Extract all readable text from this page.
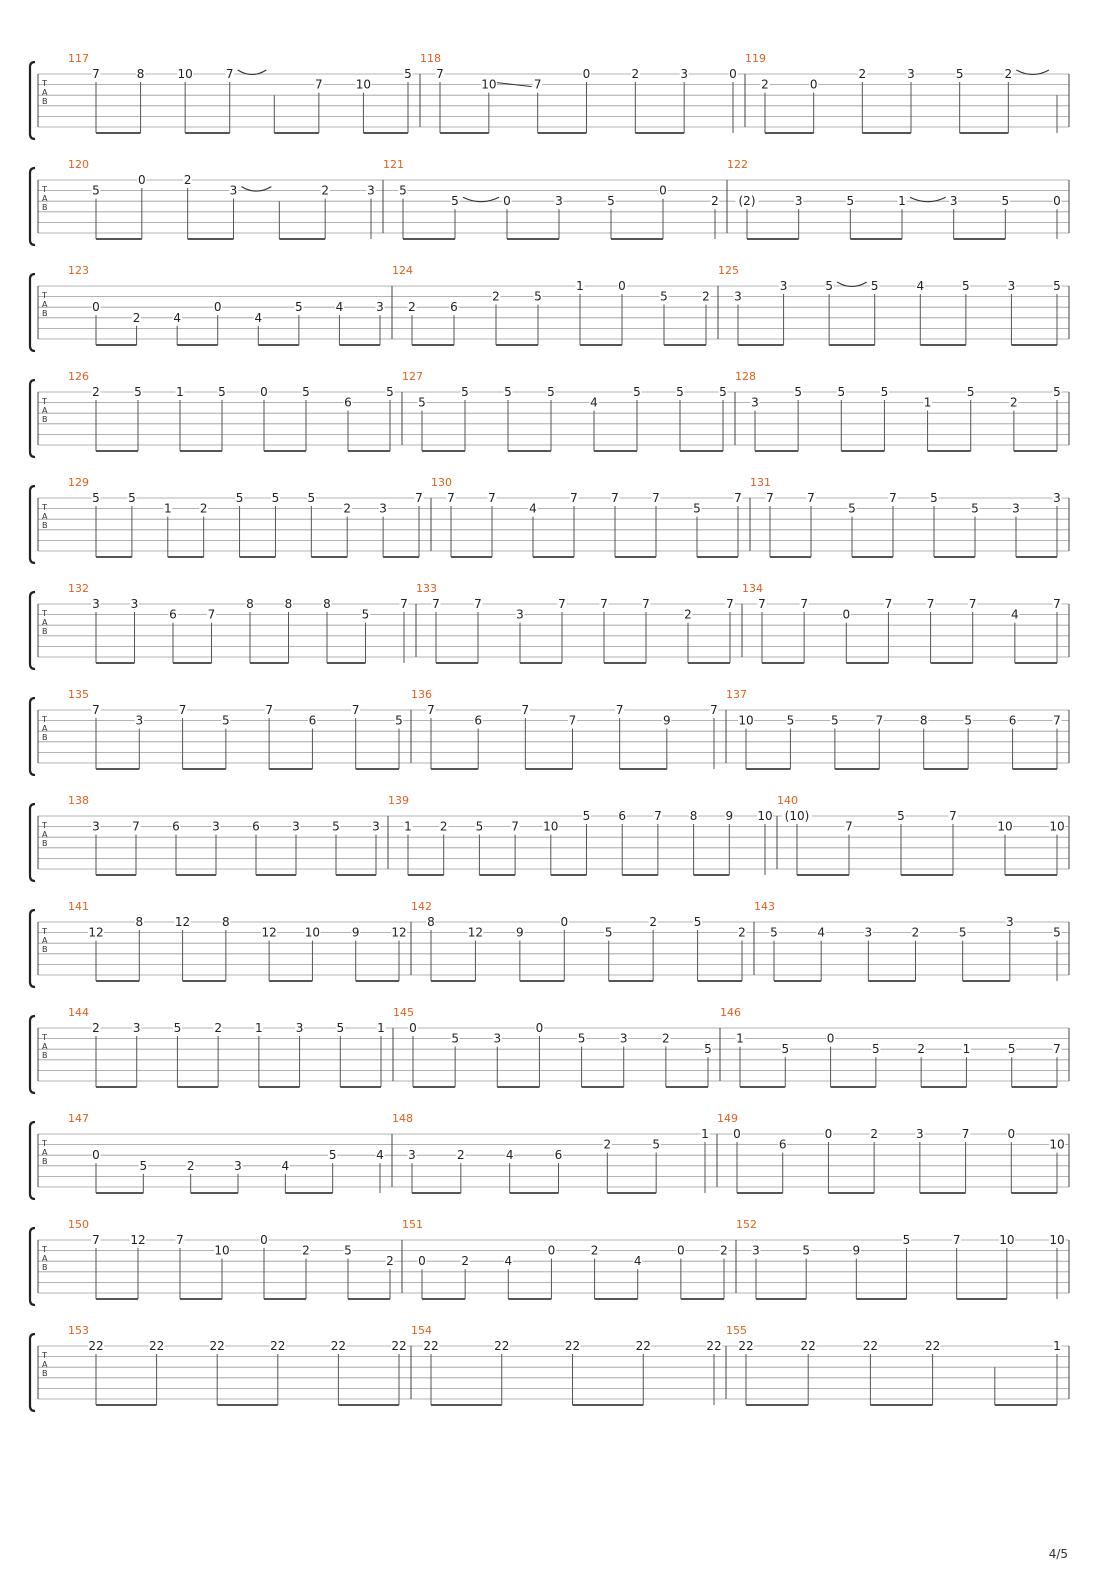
T
A
B
117
7	8	10	7
7	10
5
118
7
10	7
0	2	3	0
119
2	0
2	3	5	2
T
A
B
120
5
0	2
3	2	3
121
5
5	0	3	5
0
2
122
(2)	3	5	1	3	5	0
T
A
B
123
0
2	4
0
4
5	4	3
124
2	6
2	5
1	0
5	2
125
3
3	5	5	4	5	3	5
T
A
B
126
2	5	1	5	0	5
6
5
127
5
5	5	5
4
5	5	5
128
3
5	5	5
1
5
2
5
T
A
B
129
5 5
1 2
5 5 5
2 3
7
130
7	7
4
7	7	7
5
7
131
7	7
5
7	5
5	3
3
T
A
B
132
3	3
6	7
8	8	8
5
7
133
7	7
3
7	7	7
2
7
134
7	7
0
7	7	7
4
7
T
A
B
135
7
3
7
5
7
6
7
5
136
7
6
7
7
7
9
7
137
10	5	5	7	8	5	6	7
T
A
B
138
3	7	6	3	6	3	5	3
139
1 2 5 7 10
5 6 7 8 9 10
140
(10)
7
5	7
10	10
T
A
B
141
12
8	12	8
12 10	9	12
142
8
12	9
0
5
2	5
2
143
5	4	3	2	5
3
5
T
A
B
144
2	3	5	2	1	3	5	1
145
0
5	3
0
5	3	2
5
146
1
5
0
5	2	1	5	7
T
A
B
147
0
5	2	3	4
5	4
148
3	2	4	6
2	5
1
149
0
6
0	2	3	7	0
10
T
A
B
150
7	12	7
10
0
2	5
2
151
0	2	4
0	2
4
0	2
152
3	5	9
5	7	10	10
T
A
B
153
22	22	22	22	22	22
154
22	22	22	22	22
155
22	22	22	22	1
4/5
